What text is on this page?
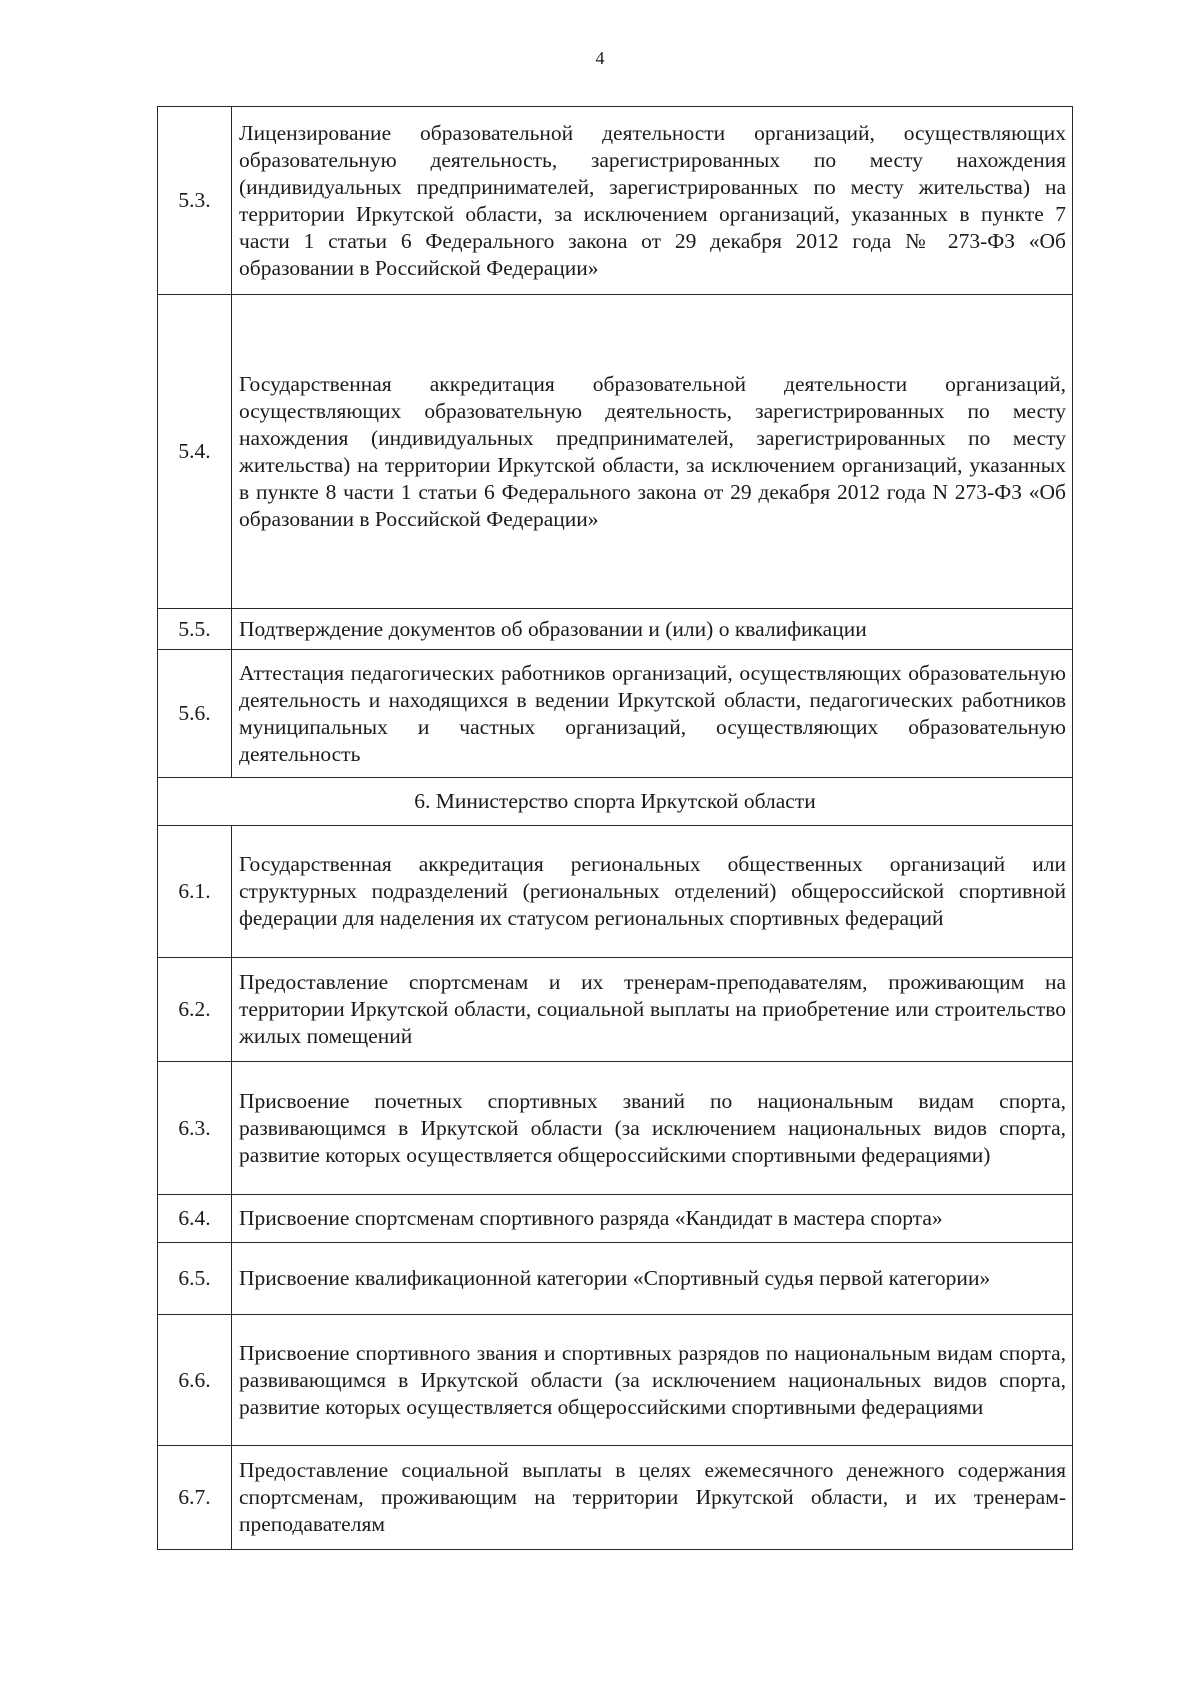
4
5.3.	Лицензирование образовательной деятельности организаций, осуществляющих образовательную деятельность, зарегистрированных по месту нахождения (индивидуальных предпринимателей, зарегистрированных по месту жительства) на территории Иркутской области, за исключением организаций, указанных в пункте 7 части 1 статьи 6 Федерального закона от 29 декабря 2012 года № 273-ФЗ «Об образовании в Российской Федерации»
5.4.	Государственная аккредитация образовательной деятельности организаций, осуществляющих образовательную деятельность, зарегистрированных по месту нахождения (индивидуальных предпринимателей, зарегистрированных по месту жительства) на территории Иркутской области, за исключением организаций, указанных в пункте 8 части 1 статьи 6 Федерального закона от 29 декабря 2012 года N 273-ФЗ «Об образовании в Российской Федерации»
5.5.	Подтверждение документов об образовании и (или) о квалификации
5.6.	Аттестация педагогических работников организаций, осуществляющих образовательную деятельность и находящихся в ведении Иркутской области, педагогических работников муниципальных и частных организаций, осуществляющих образовательную деятельность
6. Министерство спорта Иркутской области	
6.1.	Государственная аккредитация региональных общественных организаций или структурных подразделений (региональных отделений) общероссийской спортивной федерации для наделения их статусом региональных спортивных федераций
6.2.	Предоставление спортсменам и их тренерам-преподавателям, проживающим на территории Иркутской области, социальной выплаты на приобретение или строительство жилых помещений
6.3.	Присвоение почетных спортивных званий по национальным видам спорта, развивающимся в Иркутской области (за исключением национальных видов спорта, развитие которых осуществляется общероссийскими спортивными федерациями)
6.4.	Присвоение спортсменам спортивного разряда «Кандидат в мастера спорта»
6.5.	Присвоение квалификационной категории «Спортивный судья первой категории»
6.6.	Присвоение спортивного звания и спортивных разрядов по национальным видам спорта, развивающимся в Иркутской области (за исключением национальных видов спорта, развитие которых осуществляется общероссийскими спортивными федерациями
6.7.	Предоставление социальной выплаты в целях ежемесячного денежного содержания спортсменам, проживающим на территории Иркутской области, и их тренерам-преподавателям
